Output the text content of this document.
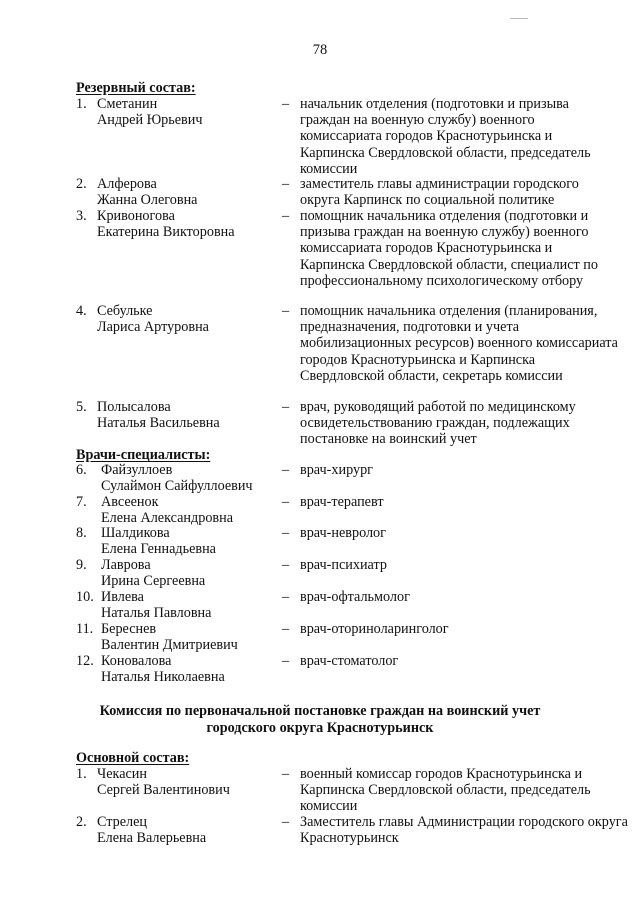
78
Резервный состав:
1. Сметанин
Андрей Юрьевич
– начальник отделения (подготовки и призыва граждан на военную службу) военного комиссариата городов Краснотурьинска и Карпинска Свердловской области, председатель комиссии
2. Алферова
Жанна Олеговна
– заместитель главы администрации городского округа Карпинск по социальной политике
3. Кривоногова
Екатерина Викторовна
– помощник начальника отделения (подготовки и призыва граждан на военную службу) военного комиссариата городов Краснотурьинска и Карпинска Свердловской области, специалист по профессиональному психологическому отбору
4. Себульке
Лариса Артуровна
– помощник начальника отделения (планирования, предназначения, подготовки и учета мобилизационных ресурсов) военного комиссариата городов Краснотурьинска и Карпинска Свердловской области, секретарь комиссии
5. Полысалова
Наталья Васильевна
– врач, руководящий работой по медицинскому освидетельствованию граждан, подлежащих постановке на воинский учет
Врачи-специалисты:
6. Файзуллоев
Сулаймон Сайфуллоевич
– врач-хирург
7. Авсеенок
Елена Александровна
– врач-терапевт
8. Шалдикова
Елена Геннадьевна
– врач-невролог
9. Лаврова
Ирина Сергеевна
– врач-психиатр
10. Ивлева
Наталья Павловна
– врач-офтальмолог
11. Береснев
Валентин Дмитриевич
– врач-оториноларинголог
12. Коновалова
Наталья Николаевна
– врач-стоматолог
Комиссия по первоначальной постановке граждан на воинский учет
городского округа Краснотурьинск
Основной состав:
1. Чекасин
Сергей Валентинович
– военный комиссар городов Краснотурьинска и Карпинска Свердловской области, председатель комиссии
2. Стрелец
Елена Валерьевна
– Заместитель главы Администрации городского округа Краснотурьинск
